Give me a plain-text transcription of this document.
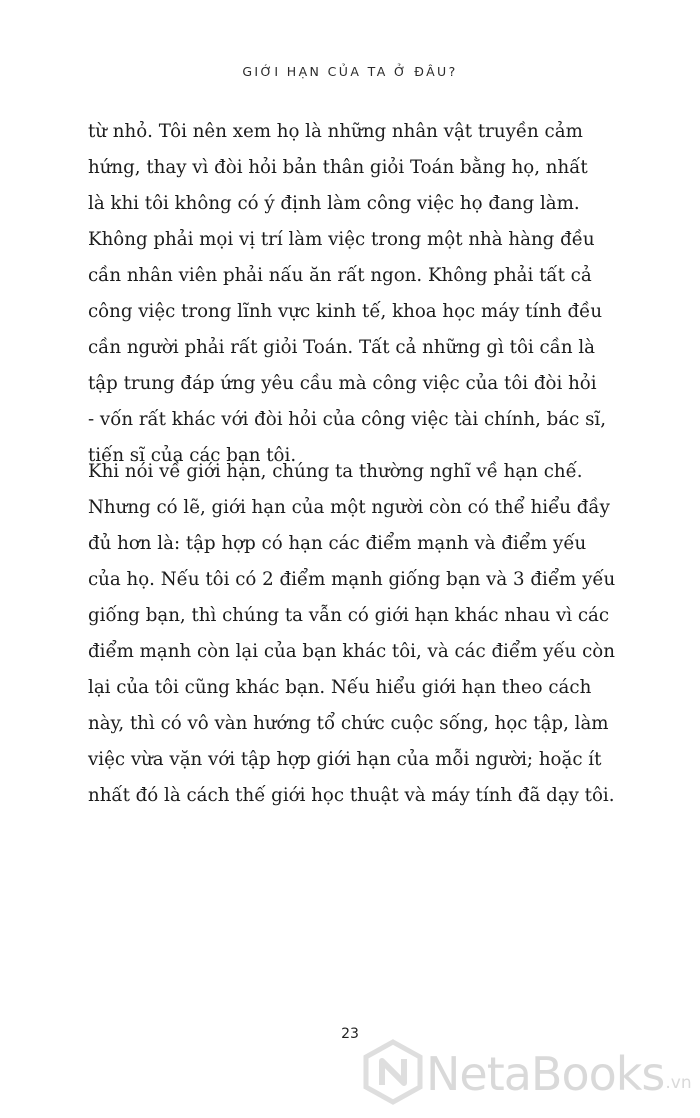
GIỚI HẠN CỦA TA Ở ĐÂU?
từ nhỏ. Tôi nên xem họ là những nhân vật truyền cảm
hứng, thay vì đòi hỏi bản thân giỏi Toán bằng họ, nhất
là khi tôi không có ý định làm công việc họ đang làm.
Không phải mọi vị trí làm việc trong một nhà hàng đều
cần nhân viên phải nấu ăn rất ngon. Không phải tất cả
công việc trong lĩnh vực kinh tế, khoa học máy tính đều
cần người phải rất giỏi Toán. Tất cả những gì tôi cần là
tập trung đáp ứng yêu cầu mà công việc của tôi đòi hỏi
- vốn rất khác với đòi hỏi của công việc tài chính, bác sĩ,
tiến sĩ của các bạn tôi.
Khi nói về giới hạn, chúng ta thường nghĩ về hạn chế.
Nhưng có lẽ, giới hạn của một người còn có thể hiểu đầy
đủ hơn là: tập hợp có hạn các điểm mạnh và điểm yếu
của họ. Nếu tôi có 2 điểm mạnh giống bạn và 3 điểm yếu
giống bạn, thì chúng ta vẫn có giới hạn khác nhau vì các
điểm mạnh còn lại của bạn khác tôi, và các điểm yếu còn
lại của tôi cũng khác bạn. Nếu hiểu giới hạn theo cách
này, thì có vô vàn hướng tổ chức cuộc sống, học tập, làm
việc vừa vặn với tập hợp giới hạn của mỗi người; hoặc ít
nhất đó là cách thế giới học thuật và máy tính đã dạy tôi.
23
NetaBooks .vn
